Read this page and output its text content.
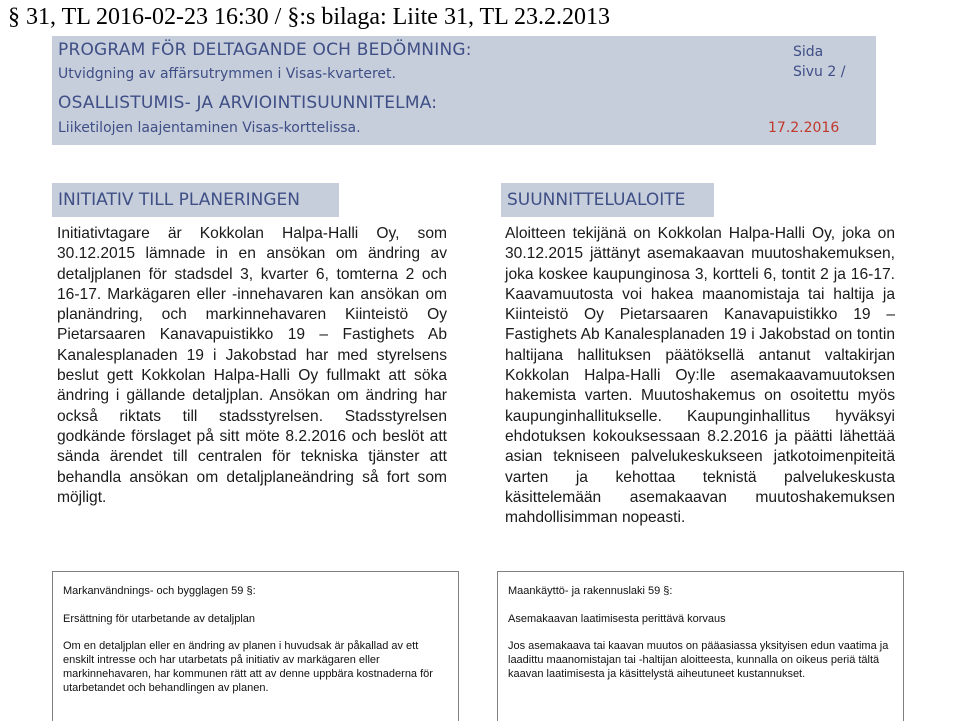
§ 31, TL 2016-02-23 16:30 / §:s bilaga: Liite 31, TL 23.2.2013
PROGRAM FÖR DELTAGANDE OCH BEDÖMNING:
Utvidgning av affärsutrymmen i Visas-kvarteret.
OSALLISTUMIS- JA ARVIOINTISUUNNITELMA:
Liiketilojen laajentaminen Visas-korttelissa.
Sida
Sivu 2 /
17.2.2016
INITIATIV TILL PLANERINGEN	SUUNNITTELUALOITE
Initiativtagare är Kokkolan Halpa-Halli Oy, som 30.12.2015 lämnade in en ansökan om ändring av detaljplanen för stadsdel 3, kvarter 6, tomterna 2 och 16-17. Markägaren eller -innehavaren kan ansökan om planändring, och markinnehavaren Kiinteistö Oy Pietarsaaren Kanavapuistikko 19 – Fastighets Ab Kanalesplanaden 19 i Jakobstad har med styrelsens beslut gett Kokkolan Halpa-Halli Oy fullmakt att söka ändring i gällande detaljplan. Ansökan om ändring har också riktats till stadsstyrelsen. Stadsstyrelsen godkände förslaget på sitt möte 8.2.2016 och beslöt att sända ärendet till centralen för tekniska tjänster att behandla ansökan om detaljplaneändring så fort som möjligt.
Aloitteen tekijänä on Kokkolan Halpa-Halli Oy, joka on 30.12.2015 jättänyt asemakaavan muutoshakemuksen, joka koskee kaupunginosa 3, kortteli 6, tontit 2 ja 16-17. Kaavamuutosta voi hakea maanomistaja tai haltija ja Kiinteistö Oy Pietarsaaren Kanavapuistikko 19 – Fastighets Ab Kanalesplanaden 19 i Jakobstad on tontin haltijana hallituksen päätöksellä antanut valtakirjan Kokkolan Halpa-Halli Oy:lle asemakaavamuutoksen hakemista varten. Muutoshakemus on osoitettu myös kaupunginhallitukselle. Kaupunginhallitus hyväksyi ehdotuksen kokouksessaan 8.2.2016 ja päätti lähettää asian tekniseen palvelukeskukseen jatkotoimenpiteitä varten ja kehottaa teknistä palvelukeskusta käsittelemään asemakaavan muutoshakemuksen mahdollisimman nopeasti.

Markanvändnings- och bygglagen 59 §:

Ersättning för utarbetande av detaljplan

Om en detaljplan eller en ändring av planen i huvudsak är påkallad av ett enskilt intresse och har utarbetats på initiativ av markägaren eller markinnehavaren, har kommunen rätt att av denne uppbära kostnaderna för utarbetandet och behandlingen av planen.

Maankäyttö- ja rakennuslaki 59 §:

Asemakaavan laatimisesta perittävä korvaus

Jos asemakaava tai kaavan muutos on pääasiassa yksityisen edun vaatima ja laadittu maanomistajan tai -haltijan aloitteesta, kunnalla on oikeus periä tältä kaavan laatimisesta ja käsittelystä aiheutuneet kustannukset.
